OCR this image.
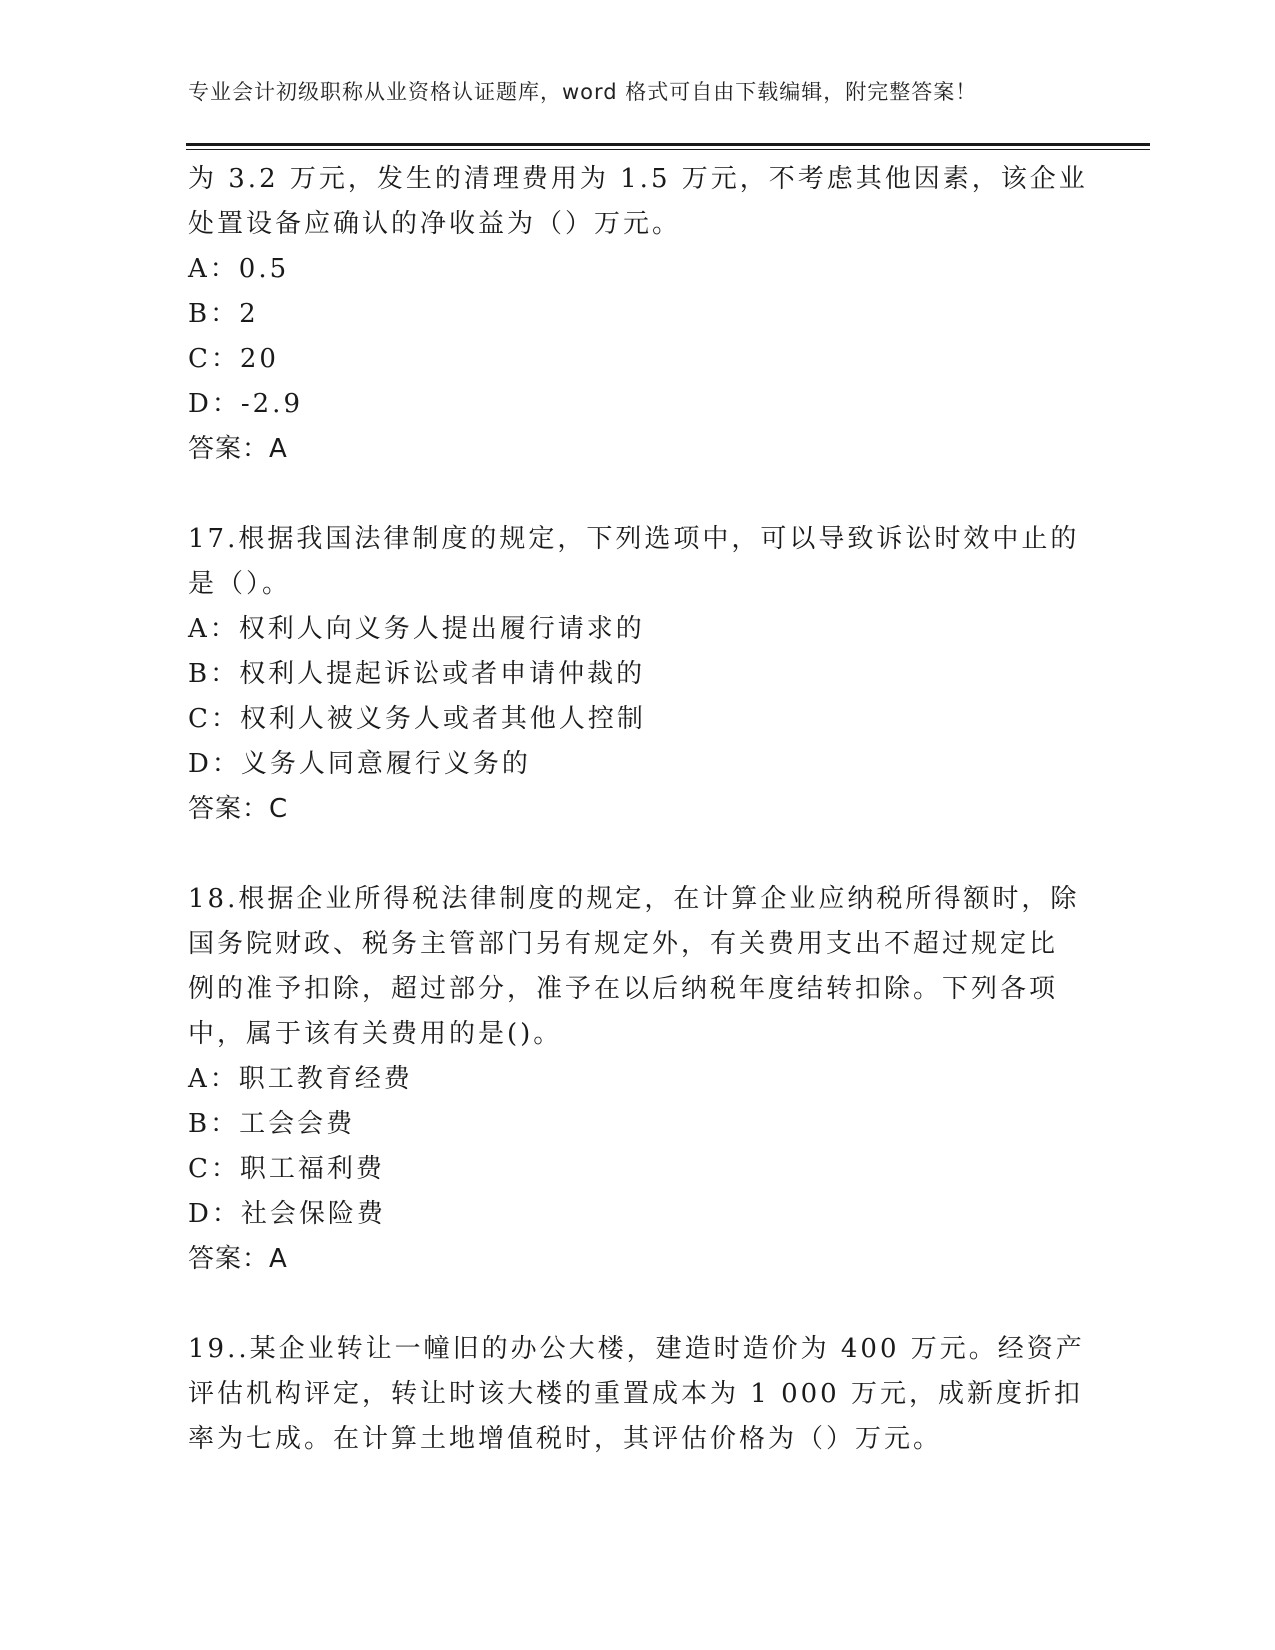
专业会计初级职称从业资格认证题库，word 格式可自由下载编辑，附完整答案！
为 3.2 万元，发生的清理费用为 1.5 万元，不考虑其他因素，该企业
处置设备应确认的净收益为（）万元。
A：0.5
B：2
C：20
D：-2.9
答案：A
17.根据我国法律制度的规定，下列选项中，可以导致诉讼时效中止的
是（）。
A：权利人向义务人提出履行请求的
B：权利人提起诉讼或者申请仲裁的
C：权利人被义务人或者其他人控制
D：义务人同意履行义务的
答案：C
18.根据企业所得税法律制度的规定，在计算企业应纳税所得额时，除
国务院财政、税务主管部门另有规定外，有关费用支出不超过规定比
例的准予扣除，超过部分，准予在以后纳税年度结转扣除。下列各项
中，属于该有关费用的是()。
A：职工教育经费
B：工会会费
C：职工福利费
D：社会保险费
答案：A
19..某企业转让一幢旧的办公大楼，建造时造价为 400 万元。经资产
评估机构评定，转让时该大楼的重置成本为 1 000 万元，成新度折扣
率为七成。在计算土地增值税时，其评估价格为（）万元。
